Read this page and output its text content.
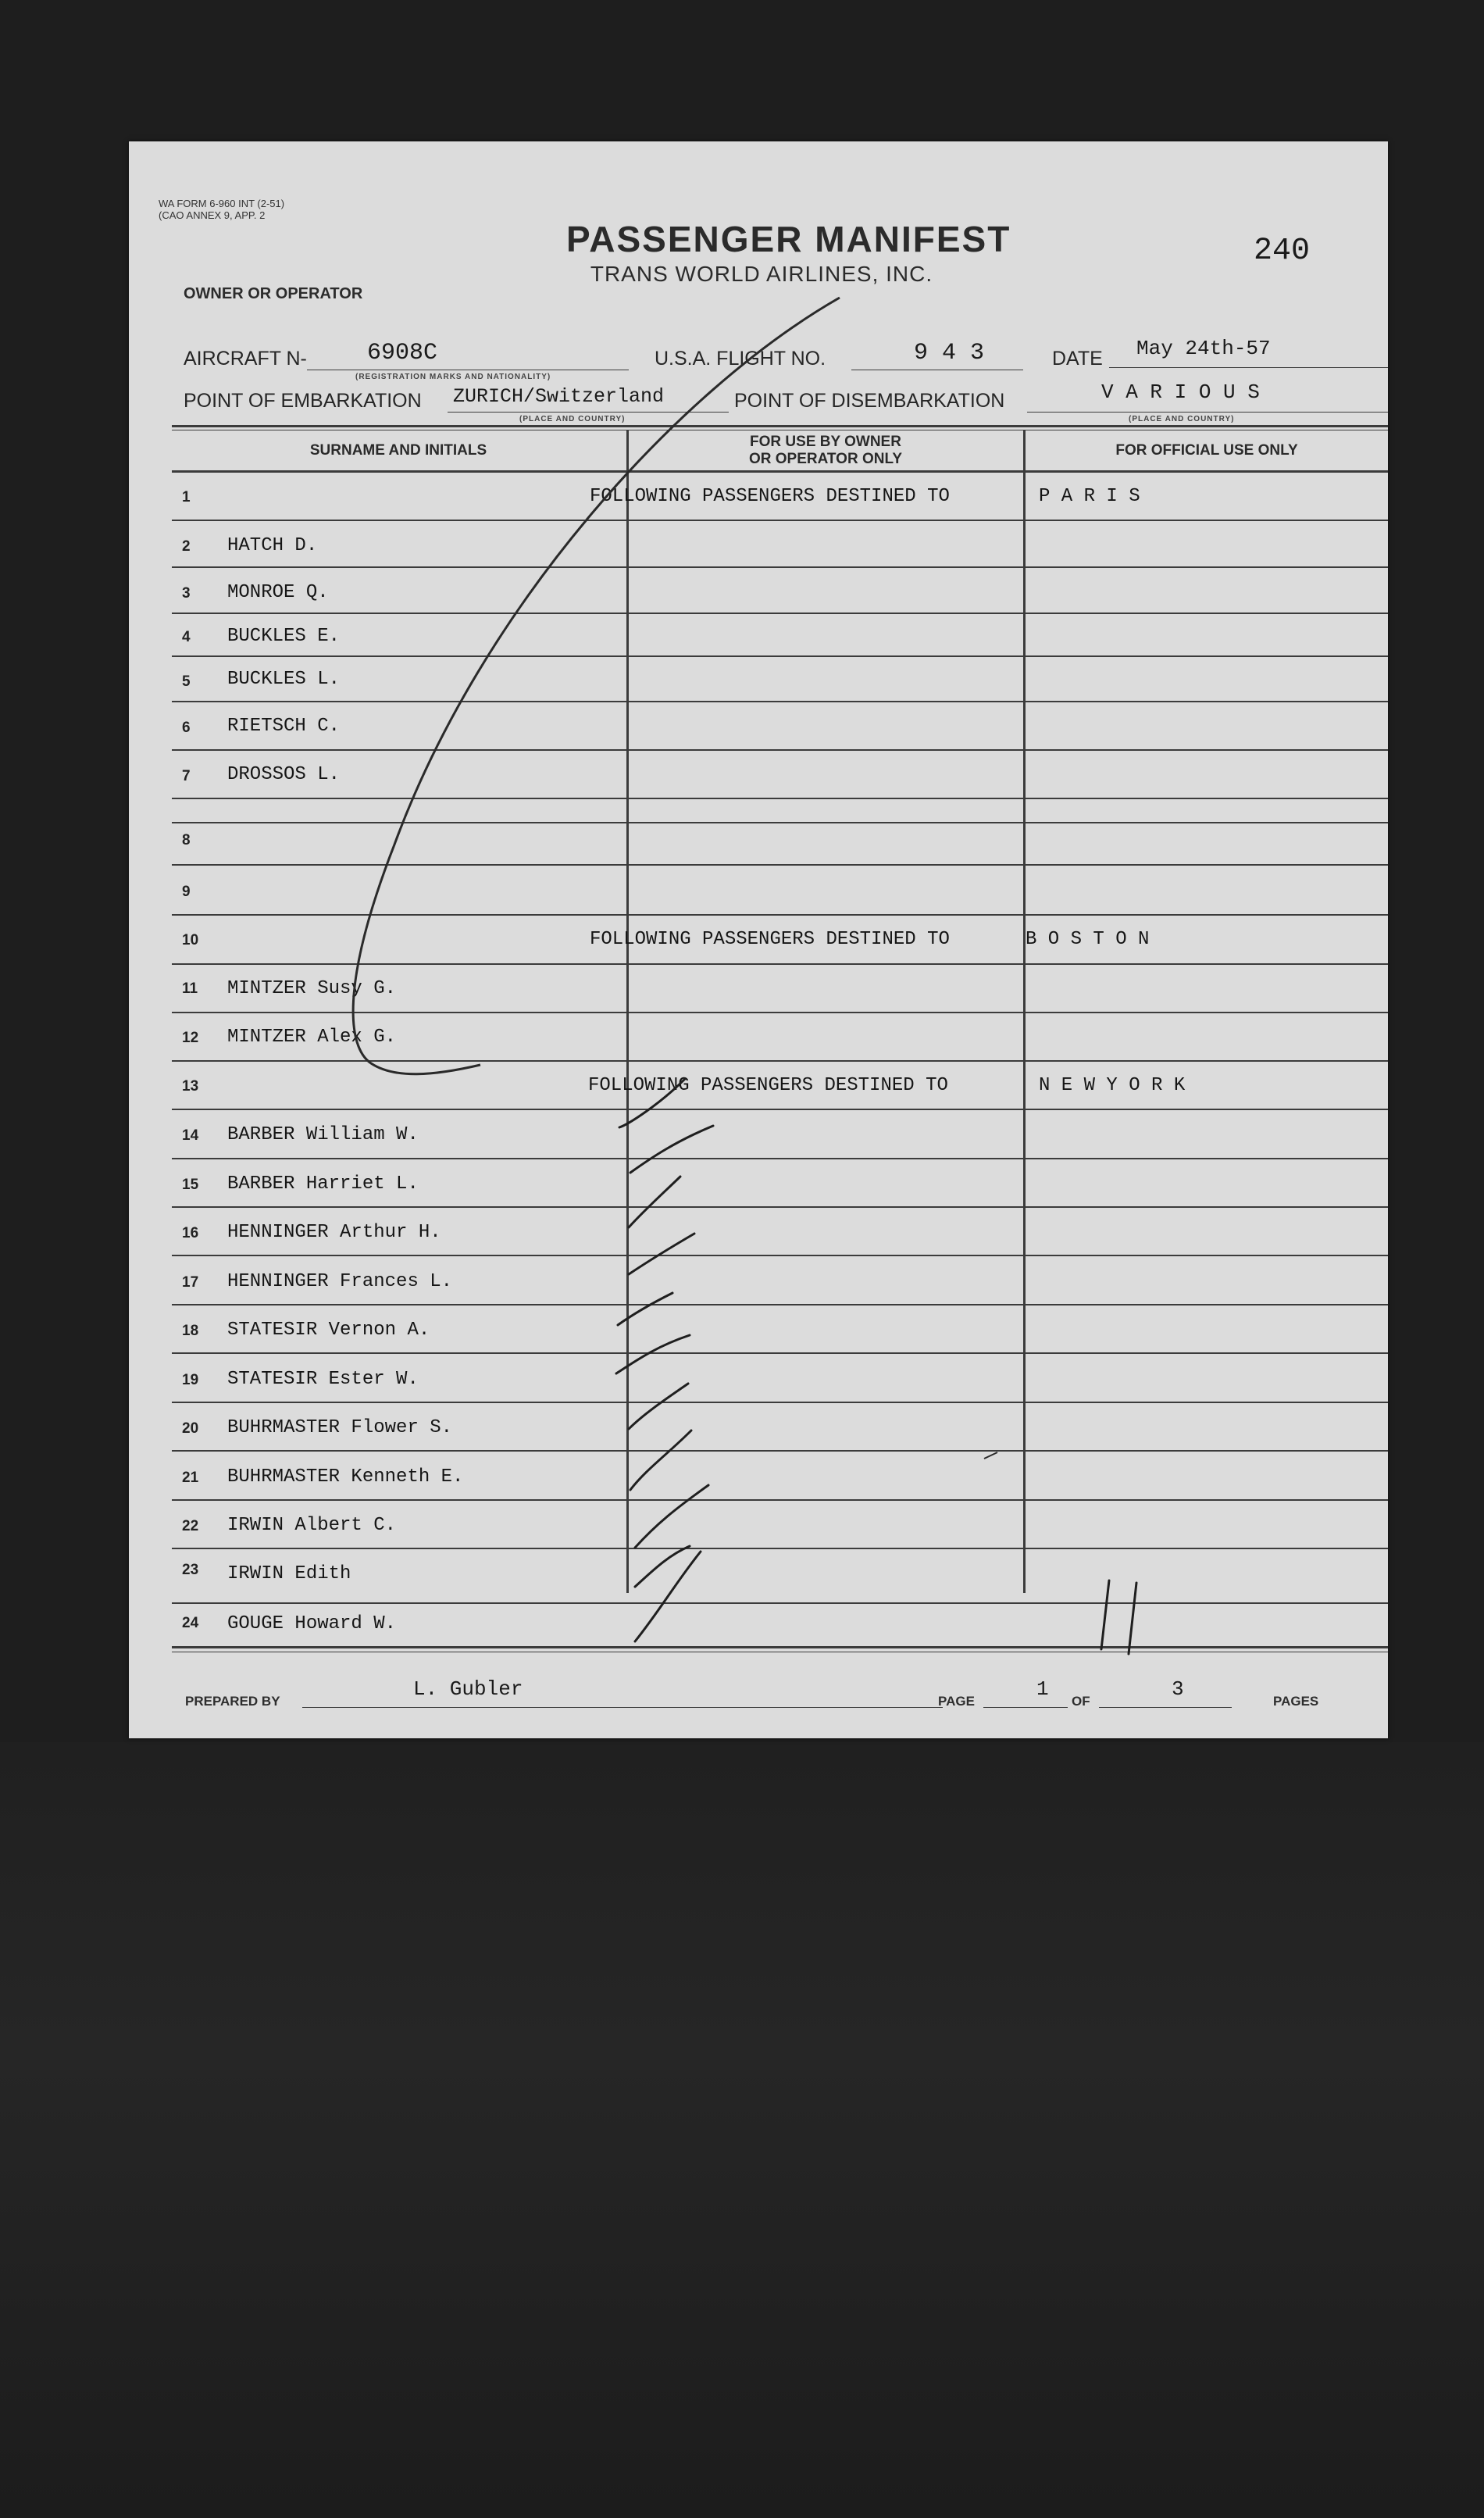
WA FORM 6-960 INT (2-51)
(CAO ANNEX 9, APP. 2
PASSENGER MANIFEST
TRANS WORLD AIRLINES, INC.
240
OWNER OR OPERATOR
AIRCRAFT N-	6908C
(REGISTRATION MARKS AND NATIONALITY)
U.S.A. FLIGHT NO.	9 4 3	DATE May 24th-57
POINT OF EMBARKATION ZURICH/Switzerland
(PLACE AND COUNTRY)
POINT OF DISEMBARKATION	V A R I O U S
(PLACE AND COUNTRY)
SURNAME AND INITIALS
FOR USE BY OWNER
OR OPERATOR ONLY
FOR OFFICIAL USE ONLY
1	FOLLOWING PASSENGERS DESTINED TO	P A R I S
2 HATCH D.
3 MONROE Q.
4 BUCKLES E.
5 BUCKLES L.
6 RIETSCH C.
7 DROSSOS L.
8
9
10	FOLLOWING PASSENGERS DESTINED TO	B O S T O N
11 MINTZER Susy G.
12 MINTZER Alex G.
13	FOLLOWING PASSENGERS DESTINED TO	N E W Y O R K
14 BARBER William W.
15 BARBER Harriet L.
16 HENNINGER Arthur H.
17 HENNINGER Frances L.
18 STATESIR Vernon A.
19 STATESIR Ester W.
20 BUHRMASTER Flower S.
21 BUHRMASTER Kenneth E.
22 IRWIN Albert C.
23 IRWIN Edith
24 GOUGE Howard W.
PREPARED BY
L. Gubler
PAGE
1
OF
3
PAGES
